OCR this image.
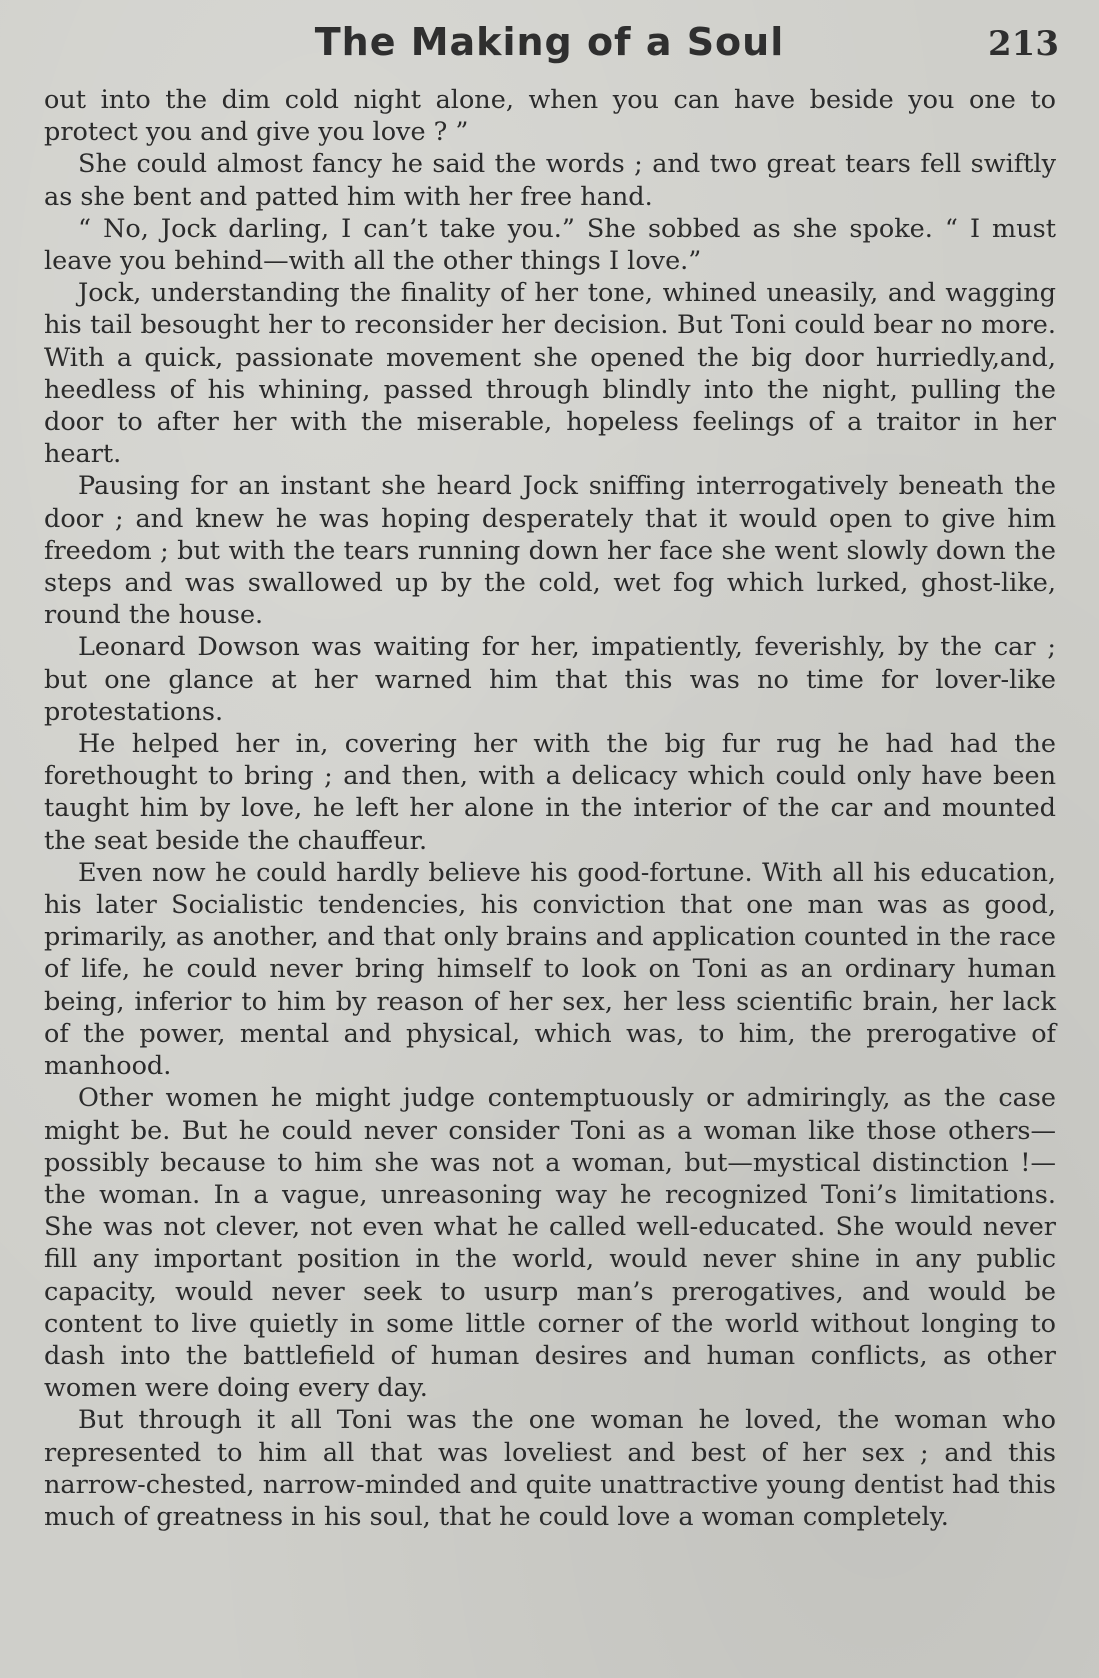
The Making of a Soul	213

out into the dim cold night alone, when you can have beside you one to protect you and give you love ? ”

She could almost fancy he said the words ; and two great tears fell swiftly as she bent and patted him with her free hand.

“ No, Jock darling, I can’t take you.” She sobbed as she spoke. “ I must leave you behind—with all the other things I love.”

Jock, understanding the finality of her tone, whined uneasily, and wagging his tail besought her to reconsider her decision. But Toni could bear no more. With a quick, passionate movement she opened the big door hurriedly,and, heedless of his whining, passed through blindly into the night, pulling the door to after her with the miserable, hopeless feelings of a traitor in her heart.

Pausing for an instant she heard Jock sniffing interrogatively beneath the door ; and knew he was hoping desperately that it would open to give him freedom ; but with the tears running down her face she went slowly down the steps and was swallowed up by the cold, wet fog which lurked, ghost-like, round the house.

Leonard Dowson was waiting for her, impatiently, feverishly, by the car ; but one glance at her warned him that this was no time for lover-like protestations.

He helped her in, covering her with the big fur rug he had had the forethought to bring ; and then, with a delicacy which could only have been taught him by love, he left her alone in the interior of the car and mounted the seat beside the chauffeur.

Even now he could hardly believe his good-fortune. With all his education, his later Socialistic tendencies, his conviction that one man was as good, primarily, as another, and that only brains and application counted in the race of life, he could never bring himself to look on Toni as an ordinary human being, inferior to him by reason of her sex, her less scientific brain, her lack of the power, mental and physical, which was, to him, the prerogative of manhood.

Other women he might judge contemptuously or admiringly, as the case might be. But he could never consider Toni as a woman like those others—possibly because to him she was not a woman, but—mystical distinction !—the woman. In a vague, unreasoning way he recognized Toni’s limitations. She was not clever, not even what he called well-educated. She would never fill any important position in the world, would never shine in any public capacity, would never seek to usurp man’s prerogatives, and would be content to live quietly in some little corner of the world without longing to dash into the battlefield of human desires and human conflicts, as other women were doing every day.

But through it all Toni was the one woman he loved, the woman who represented to him all that was loveliest and best of her sex ; and this narrow-chested, narrow-minded and quite unattractive young dentist had this much of greatness in his soul, that he could love a woman completely.
